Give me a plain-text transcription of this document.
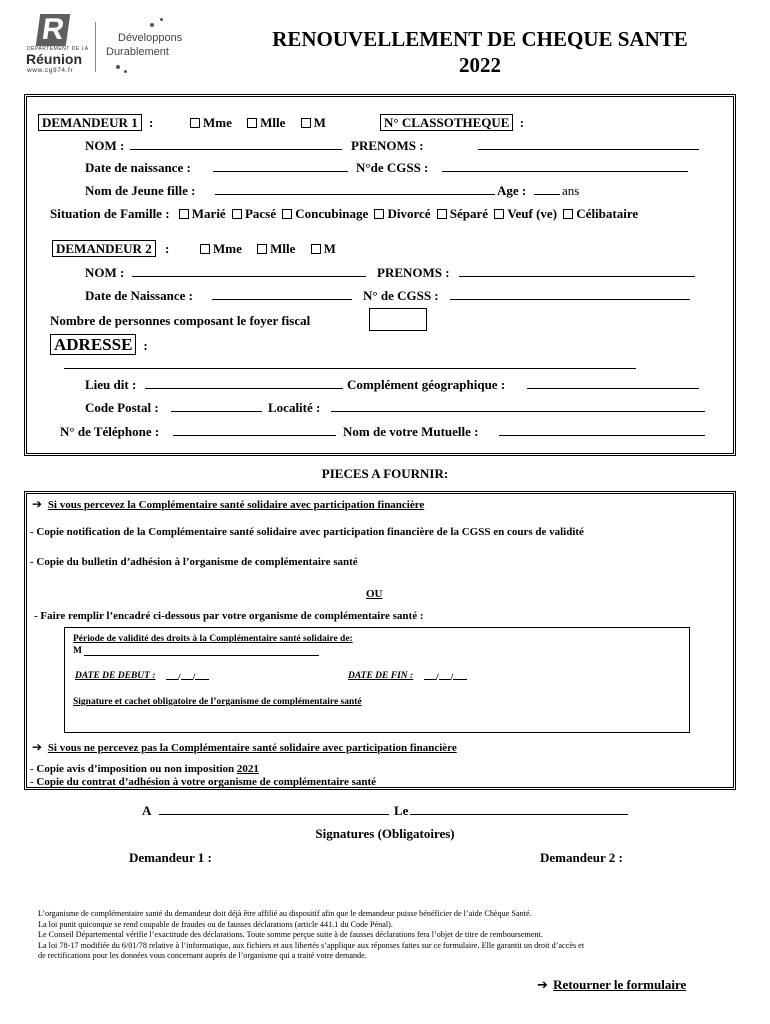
R
DÉPARTEMENT DE LA
Réunion
www.cg974.fr
Développons
Durablement
RENOUVELLEMENT DE CHEQUE SANTE
2022
DEMANDEUR 1 :	Mme Mlle M	N° CLASSOTHEQUE :
NOM :	PRENOMS :
Date de naissance :	N°de CGSS :
Nom de Jeune fille :	Age :	ans
Situation de Famille : Marié Pacsé Concubinage Divorcé Séparé Veuf (ve) Célibataire
DEMANDEUR 2 :	Mme Mlle M
NOM :	PRENOMS :
Date de Naissance :	N° de CGSS :
Nombre de personnes composant le foyer fiscal
ADRESSE :
Lieu dit :	Complément géographique :
Code Postal :	Localité :
N° de Téléphone :	Nom de votre Mutuelle :
PIECES A FOURNIR:
➔ Si vous percevez la Complémentaire santé solidaire avec participation financière
- Copie notification de la Complémentaire santé solidaire avec participation financière de la CGSS en cours de validité
- Copie du bulletin d’adhésion à l’organisme de complémentaire santé
OU
- Faire remplir l’encadré ci-dessous par votre organisme de complémentaire santé :
Période de validité des droits à la Complémentaire santé solidaire de:
M
DATE DE DEBUT :	/ /	DATE DE FIN :	/ /
Signature et cachet obligatoire de l’organisme de complémentaire santé
➔ Si vous ne percevez pas la Complémentaire santé solidaire avec participation financière
- Copie avis d’imposition ou non imposition 2021
- Copie du contrat d’adhésion à votre organisme de complémentaire santé
A	Le
Signatures (Obligatoires)
Demandeur 1 :	Demandeur 2 :
L’organisme de complémentaire santé du demandeur doit déjà être affilié au dispositif afin que le demandeur puisse bénéficier de l’aide Chèque Santé.
La loi punit quiconque se rend coupable de fraudes ou de fausses déclarations (article 441.1 du Code Pénal).
Le Conseil Départemental vérifie l’exactitude des déclarations. Toute somme perçue suite à de fausses déclarations fera l’objet de titre de remboursement.
La loi 78-17 modifiée du 6/01/78 relative à l’informatique, aux fichiers et aux libertés s’applique aux réponses faites sur ce formulaire. Elle garantit un droit d’accès et
de rectifications pour les données vous concernant auprès de l’organisme qui a traité votre demande.
➔ Retourner le formulaire
